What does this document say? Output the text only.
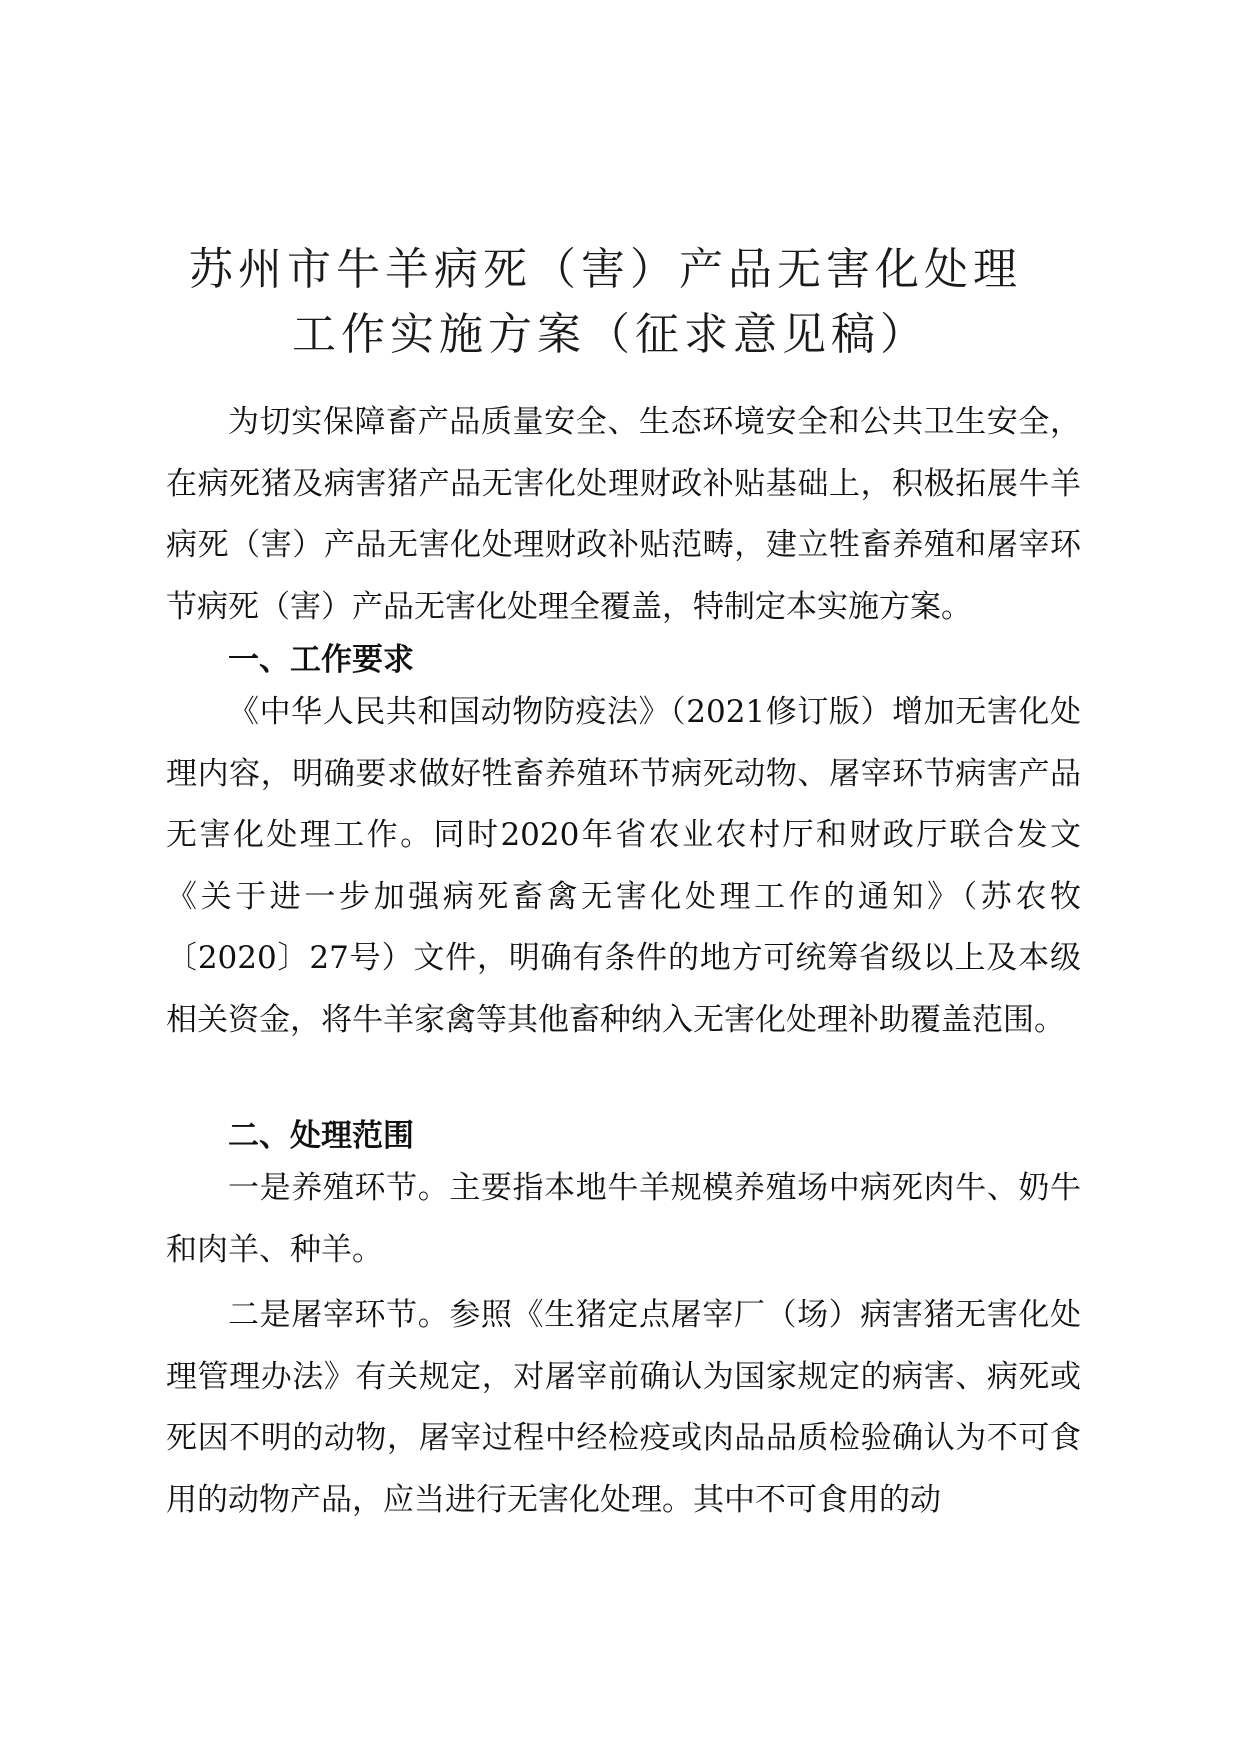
苏州市牛羊病死（害）产品无害化处理
工作实施方案（征求意见稿）

为切实保障畜产品质量安全、生态环境安全和公共卫生安全，在病死猪及病害猪产品无害化处理财政补贴基础上，积极拓展牛羊病死（害）产品无害化处理财政补贴范畴，建立牲畜养殖和屠宰环节病死（害）产品无害化处理全覆盖，特制定本实施方案。

一、工作要求

《中华人民共和国动物防疫法》（2021修订版）增加无害化处理内容，明确要求做好牲畜养殖环节病死动物、屠宰环节病害产品无害化处理工作。同时2020年省农业农村厅和财政厅联合发文《关于进一步加强病死畜禽无害化处理工作的通知》（苏农牧〔2020〕27号）文件，明确有条件的地方可统筹省级以上及本级相关资金，将牛羊家禽等其他畜种纳入无害化处理补助覆盖范围。

二、处理范围

一是养殖环节。主要指本地牛羊规模养殖场中病死肉牛、奶牛和肉羊、种羊。

二是屠宰环节。参照《生猪定点屠宰厂（场）病害猪无害化处理管理办法》有关规定，对屠宰前确认为国家规定的病害、病死或死因不明的动物，屠宰过程中经检疫或肉品品质检验确认为不可食用的动物产品，应当进行无害化处理。其中不可食用的动
